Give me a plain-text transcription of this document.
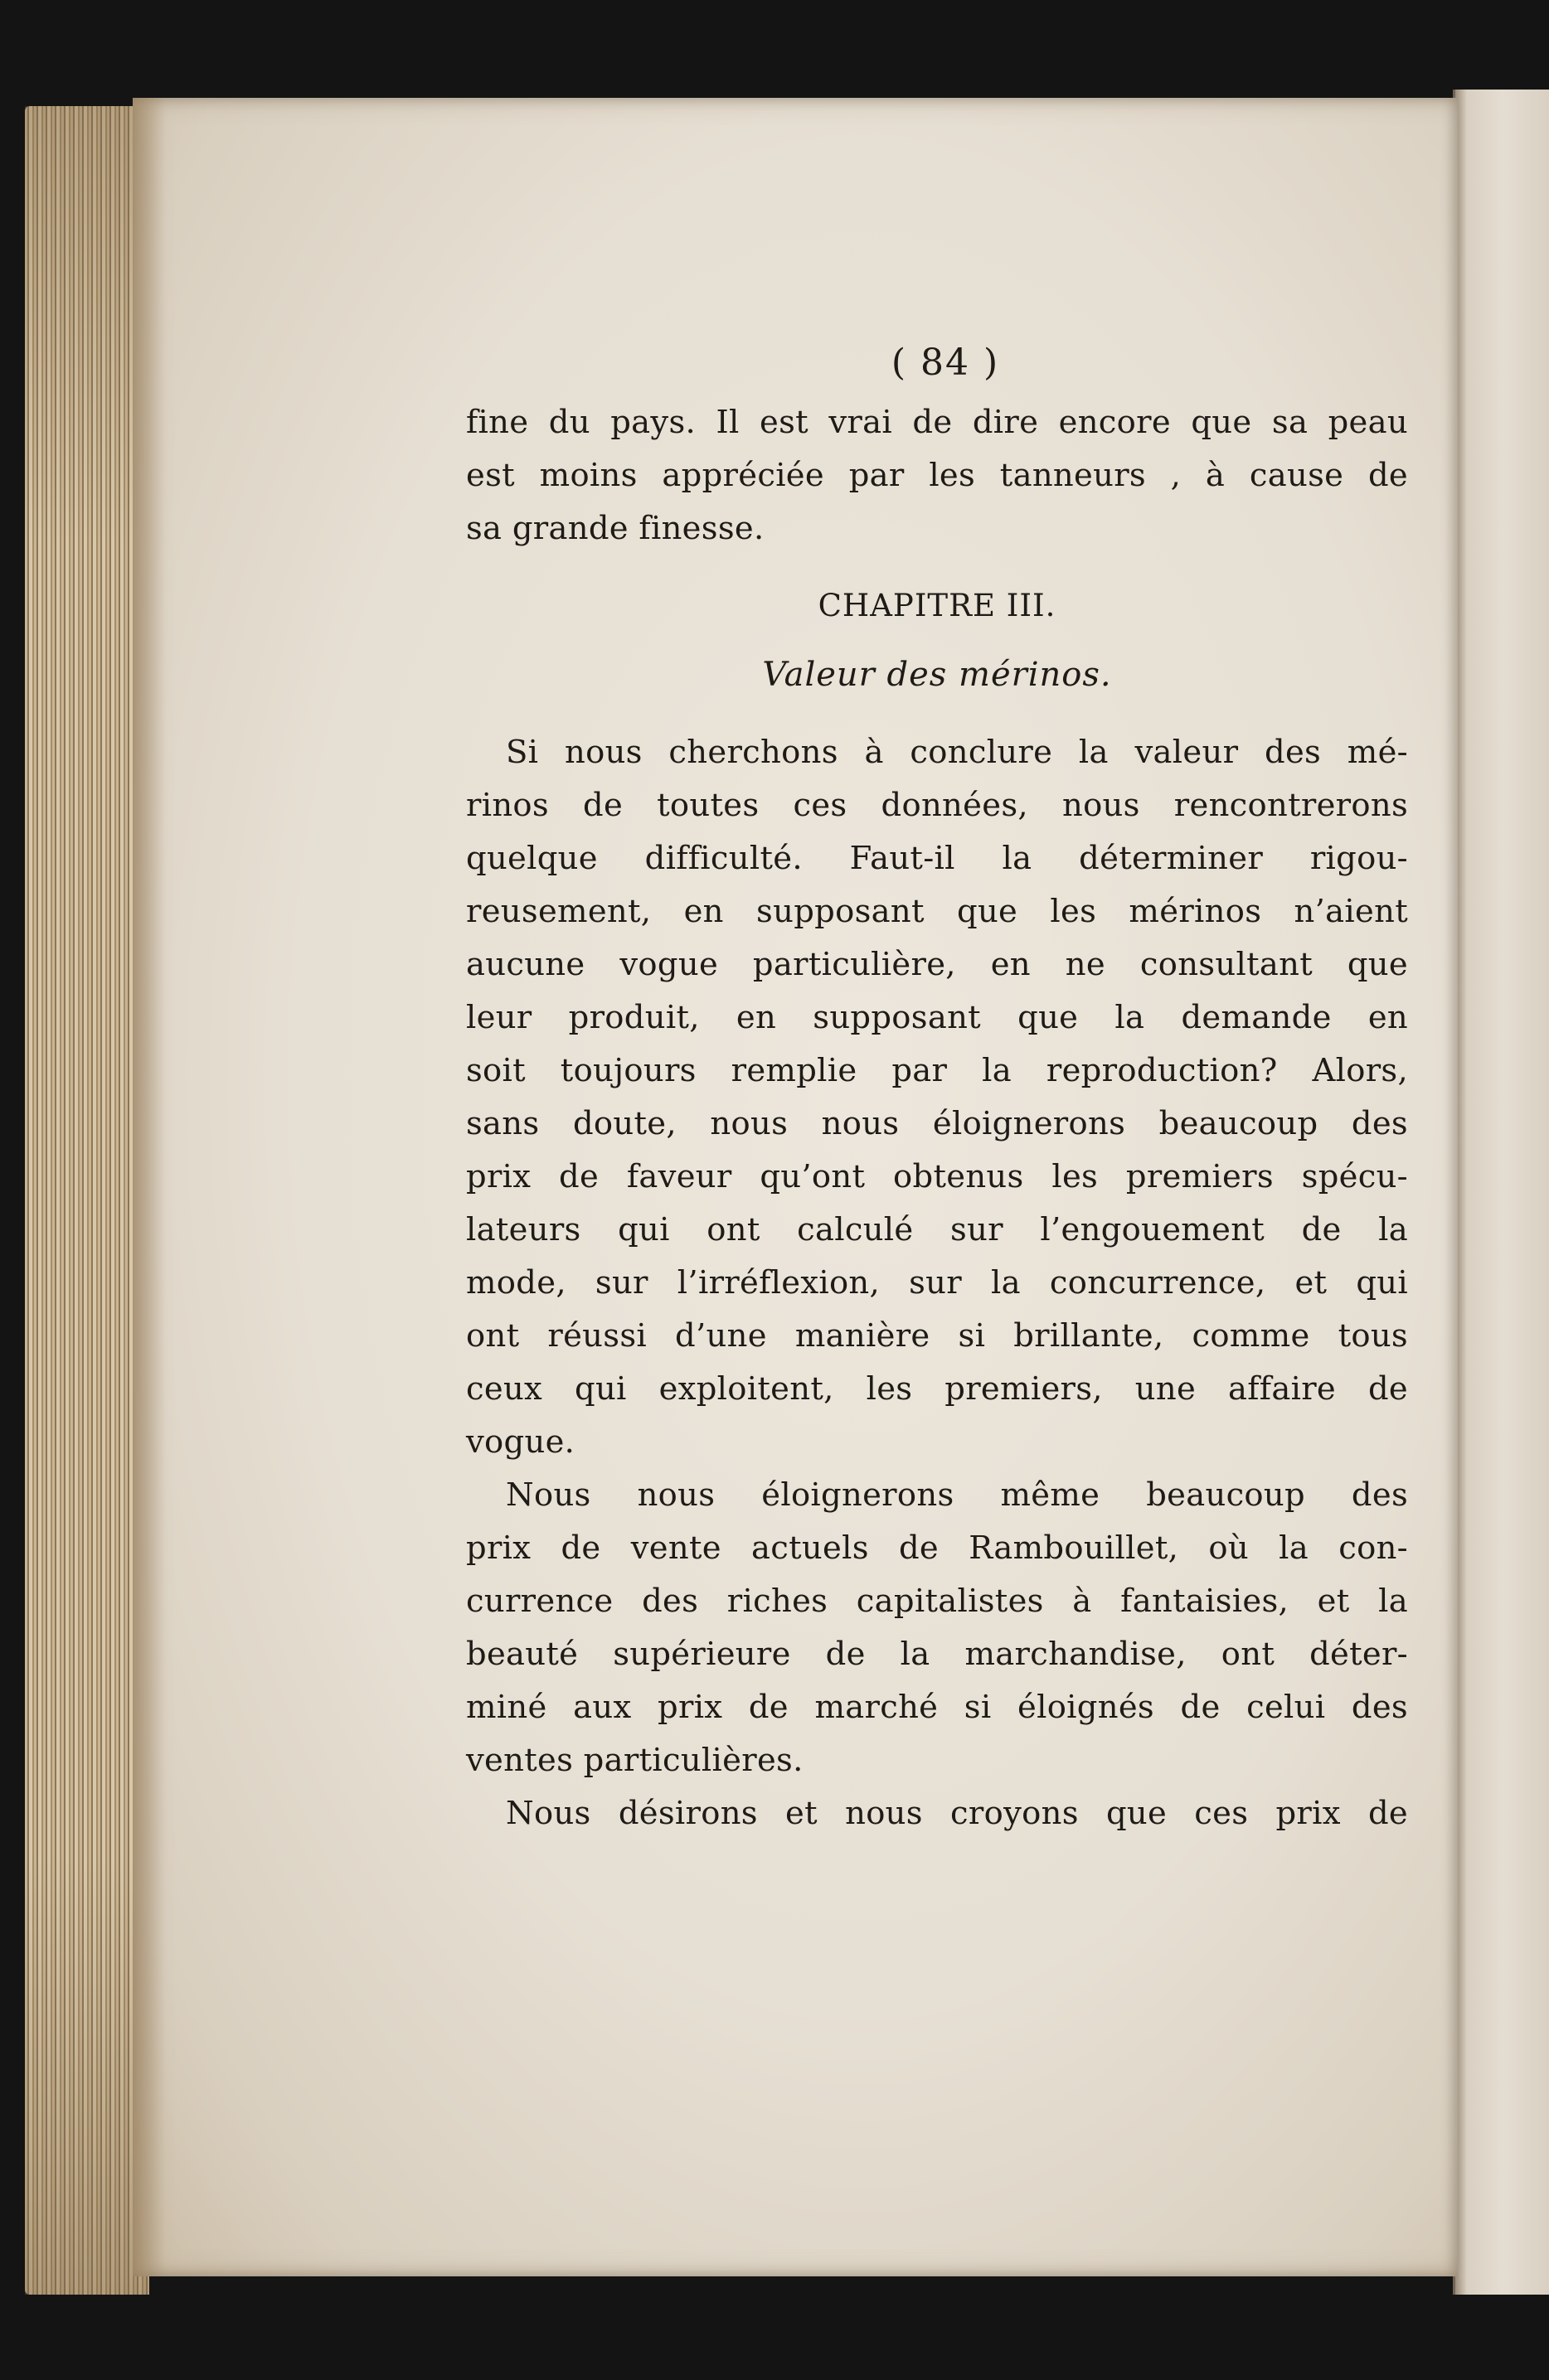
( 84 )
fine du pays. Il est vrai de dire encore que sa peau
est moins appréciée par les tanneurs , à cause de
sa grande finesse.
CHAPITRE III.
Valeur des mérinos.
Si nous cherchons à conclure la valeur des mé-
rinos de toutes ces données, nous rencontrerons
quelque difficulté. Faut-il la déterminer rigou-
reusement, en supposant que les mérinos n’aient
aucune vogue particulière, en ne consultant que
leur produit, en supposant que la demande en
soit toujours remplie par la reproduction? Alors,
sans doute, nous nous éloignerons beaucoup des
prix de faveur qu’ont obtenus les premiers spécu-
lateurs qui ont calculé sur l’engouement de la
mode, sur l’irréflexion, sur la concurrence, et qui
ont réussi d’une manière si brillante, comme tous
ceux qui exploitent, les premiers, une affaire de
vogue.
Nous nous éloignerons même beaucoup des
prix de vente actuels de Rambouillet, où la con-
currence des riches capitalistes à fantaisies, et la
beauté supérieure de la marchandise, ont déter-
miné aux prix de marché si éloignés de celui des
ventes particulières.
Nous désirons et nous croyons que ces prix de
